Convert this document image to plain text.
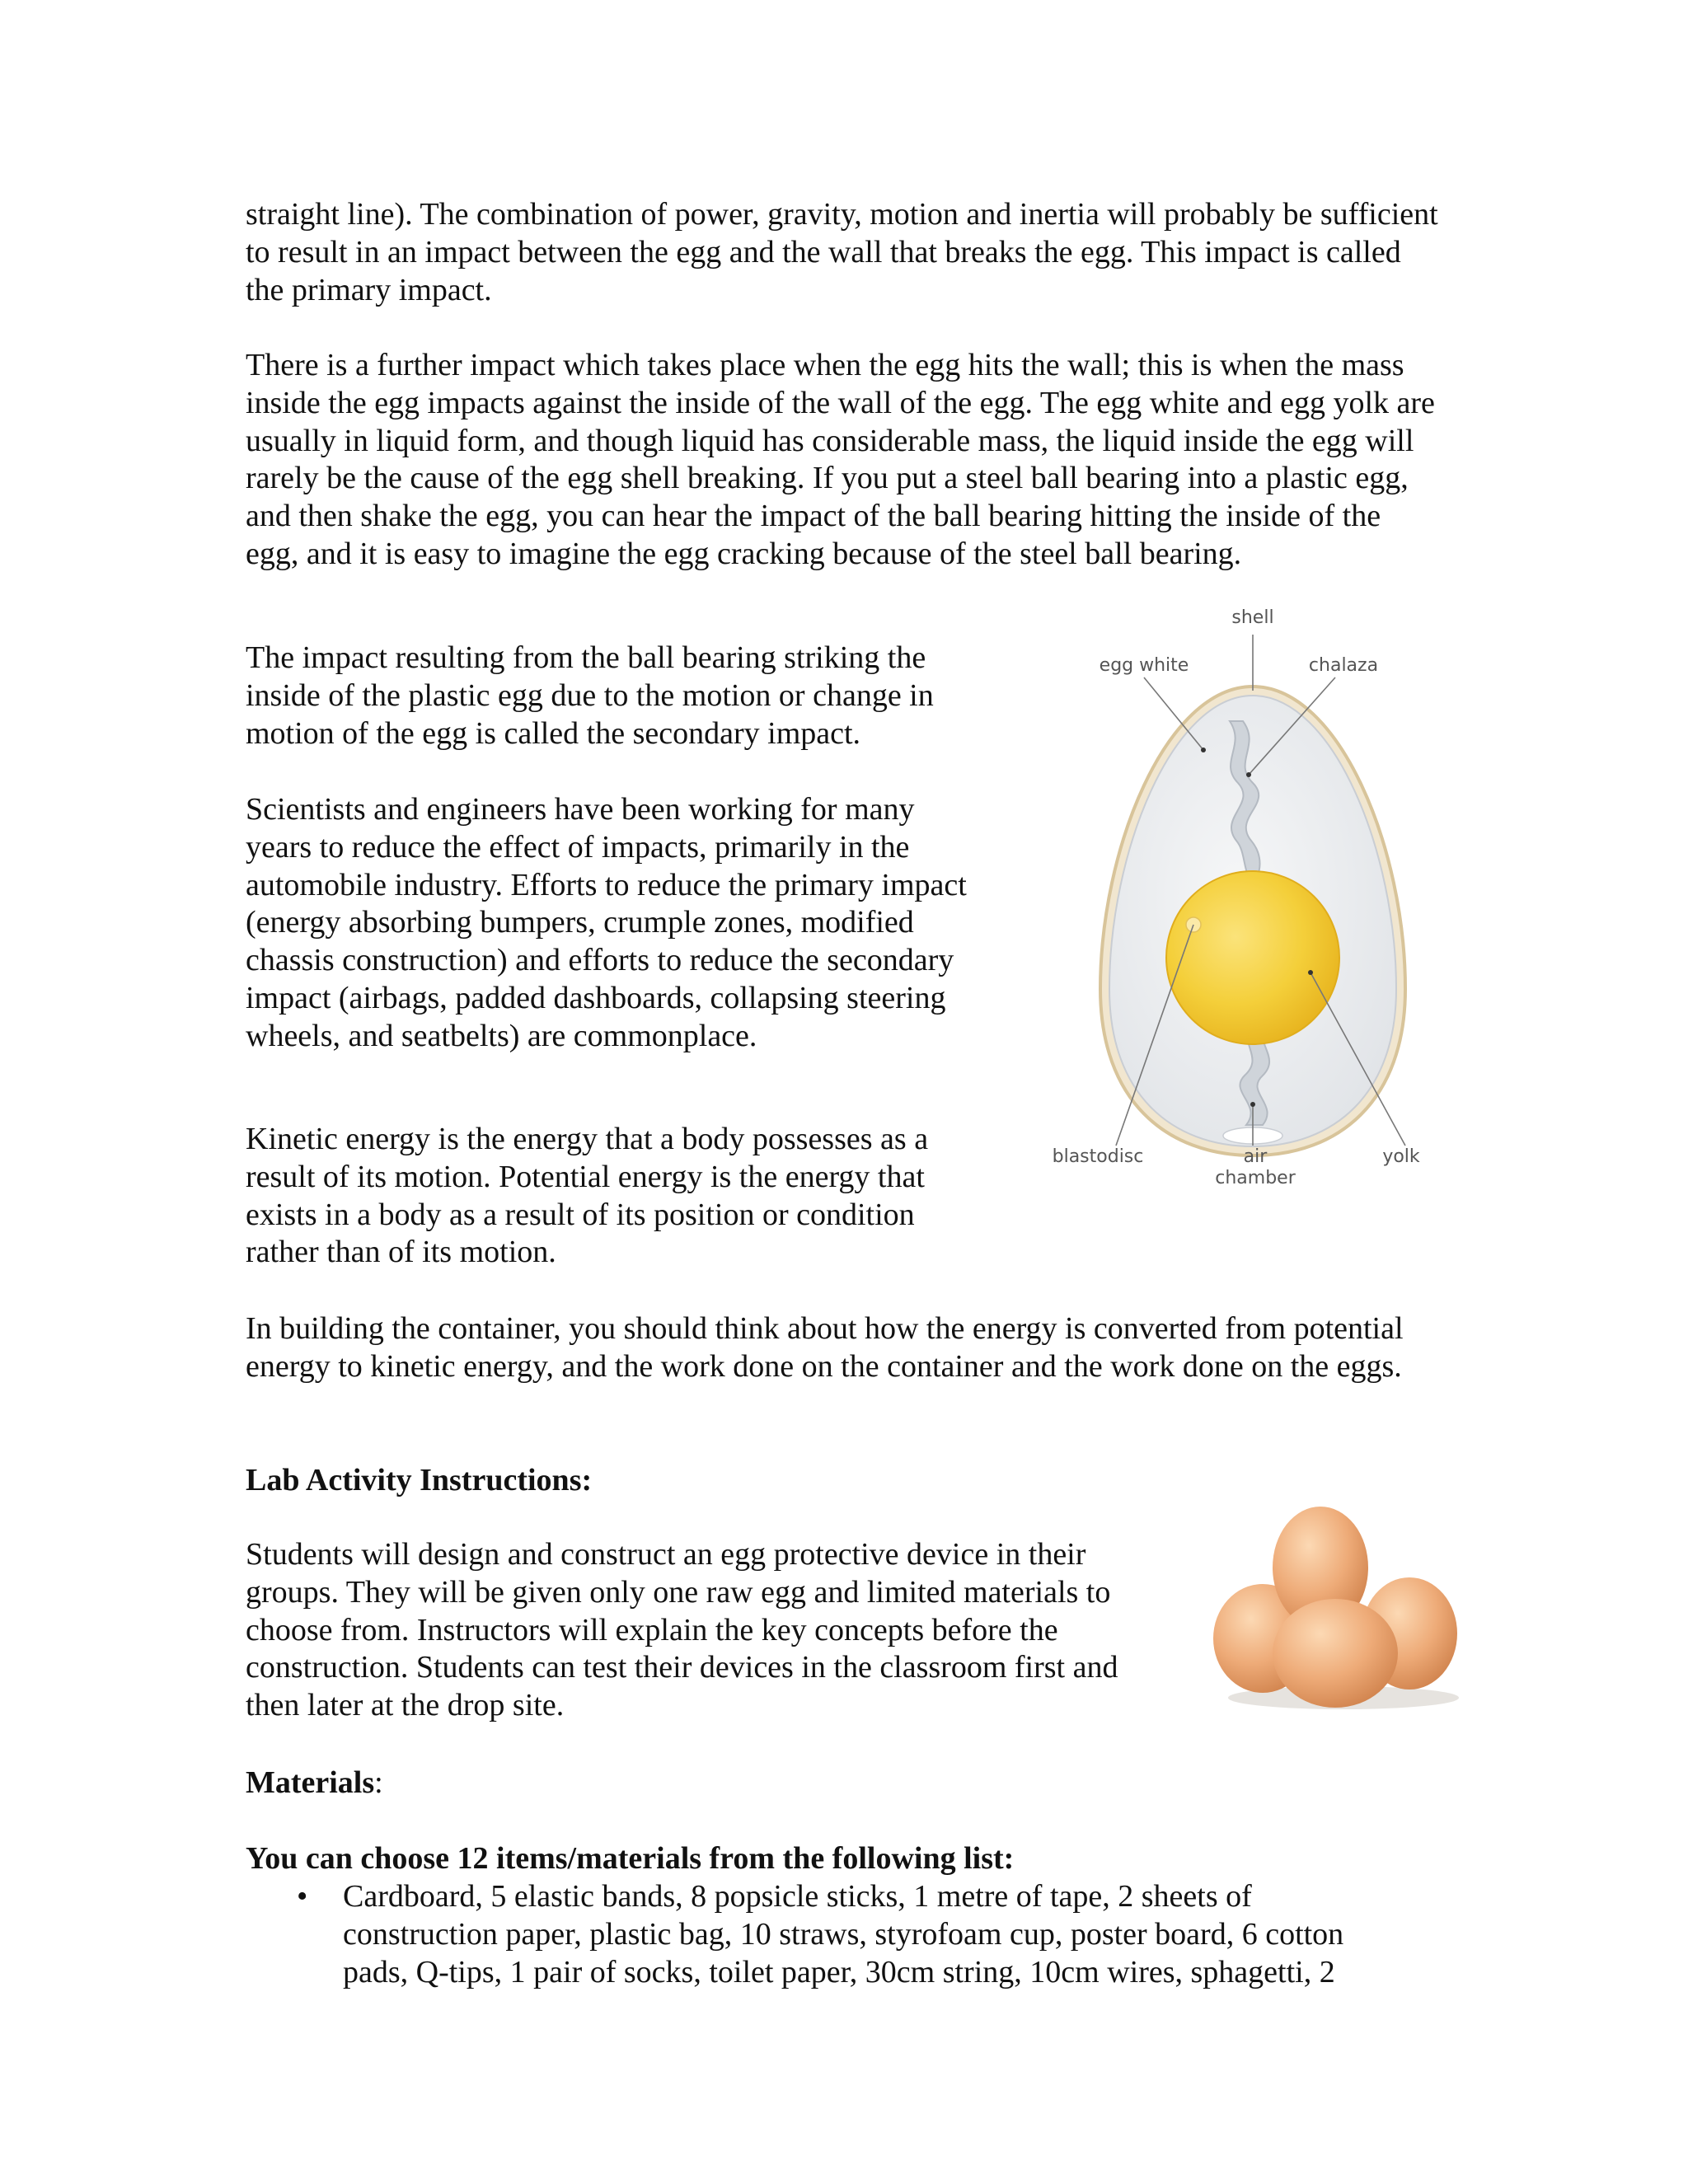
straight line). The combination of power, gravity, motion and inertia will probably be sufficient to result in an impact between the egg and the wall that breaks the egg. This impact is called the primary impact.

There is a further impact which takes place when the egg hits the wall; this is when the mass inside the egg impacts against the inside of the wall of the egg. The egg white and egg yolk are usually in liquid form, and though liquid has considerable mass, the liquid inside the egg will rarely be the cause of the egg shell breaking. If you put a steel ball bearing into a plastic egg, and then shake the egg, you can hear the impact of the ball bearing hitting the inside of the egg, and it is easy to imagine the egg cracking because of the steel ball bearing.

The impact resulting from the ball bearing striking the inside of the plastic egg due to the motion or change in motion of the egg is called the secondary impact.

Scientists and engineers have been working for many years to reduce the effect of impacts, primarily in the automobile industry. Efforts to reduce the primary impact (energy absorbing bumpers, crumple zones, modified chassis construction) and efforts to reduce the secondary impact (airbags, padded dashboards, collapsing steering wheels, and seatbelts) are commonplace.

Kinetic energy is the energy that a body possesses as a result of its motion. Potential energy is the energy that exists in a body as a result of its position or condition rather than of its motion.

In building the container, you should think about how the energy is converted from potential energy to kinetic energy, and the work done on the container and the work done on the eggs.

Lab Activity Instructions:

Students will design and construct an egg protective device in their groups. They will be given only one raw egg and limited materials to choose from. Instructors will explain the key concepts before the construction. Students can test their devices in the classroom first and then later at the drop site.

Materials:

You can choose 12 items/materials from the following list:

• Cardboard, 5 elastic bands, 8 popsicle sticks, 1 metre of tape, 2 sheets of construction paper, plastic bag, 10 straws, styrofoam cup, poster board, 6 cotton pads, Q-tips, 1 pair of socks, toilet paper, 30cm string, 10cm wires, sphagetti, 2
shell
egg white	chalaza
blastodisc	air
chamber
yolk
